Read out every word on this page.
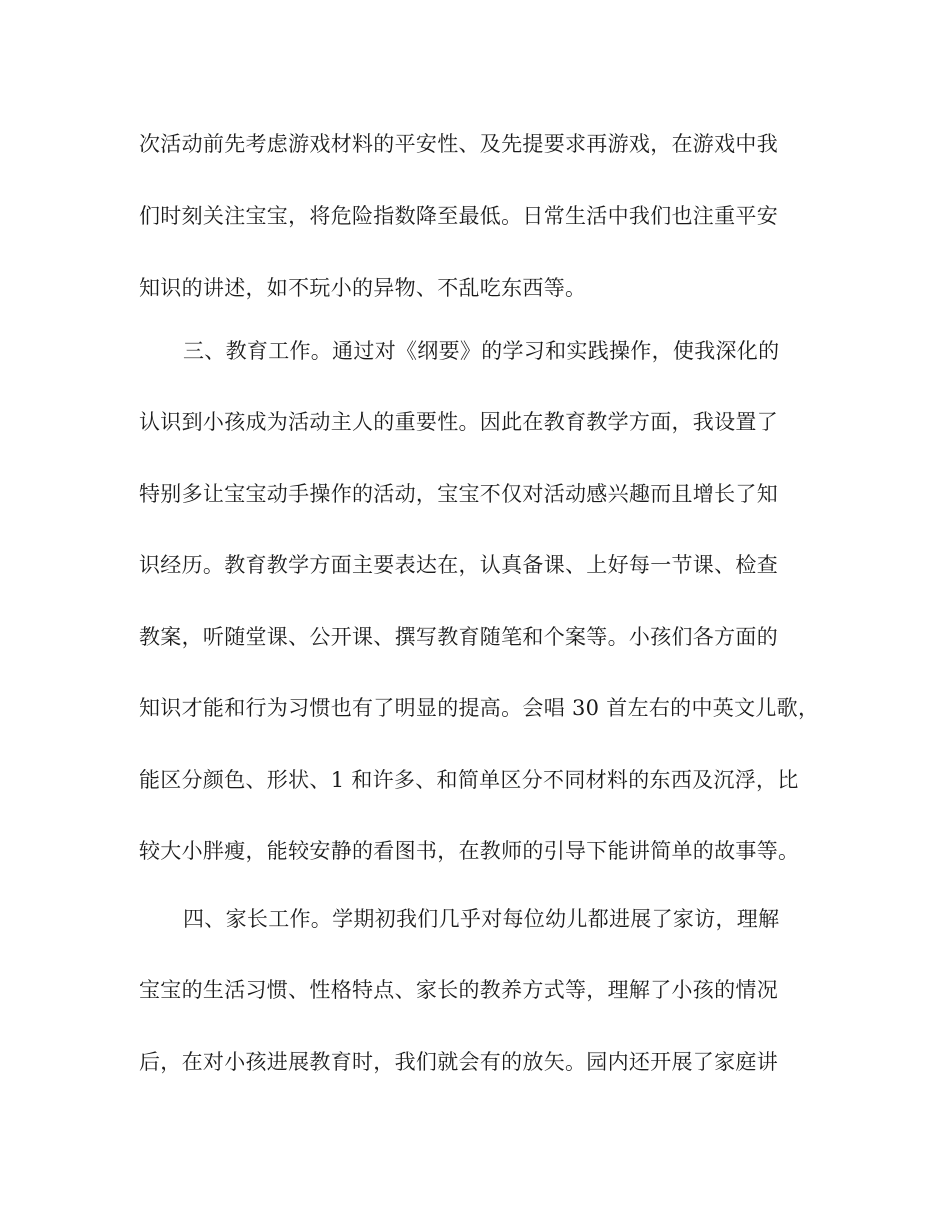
次活动前先考虑游戏材料的平安性、及先提要求再游戏，在游戏中我
们时刻关注宝宝，将危险指数降至最低。日常生活中我们也注重平安
知识的讲述，如不玩小的异物、不乱吃东西等。
三、教育工作。通过对《纲要》的学习和实践操作，使我深化的
认识到小孩成为活动主人的重要性。因此在教育教学方面，我设置了
特别多让宝宝动手操作的活动，宝宝不仅对活动感兴趣而且增长了知
识经历。教育教学方面主要表达在，认真备课、上好每一节课、检查
教案，听随堂课、公开课、撰写教育随笔和个案等。小孩们各方面的
知识才能和行为习惯也有了明显的提高。会唱 30 首左右的中英文儿歌，
能区分颜色、形状、1 和许多、和简单区分不同材料的东西及沉浮，比
较大小胖瘦，能较安静的看图书，在教师的引导下能讲简单的故事等。
四、家长工作。学期初我们几乎对每位幼儿都进展了家访，理解
宝宝的生活习惯、性格特点、家长的教养方式等，理解了小孩的情况
后，在对小孩进展教育时，我们就会有的放矢。园内还开展了家庭讲
